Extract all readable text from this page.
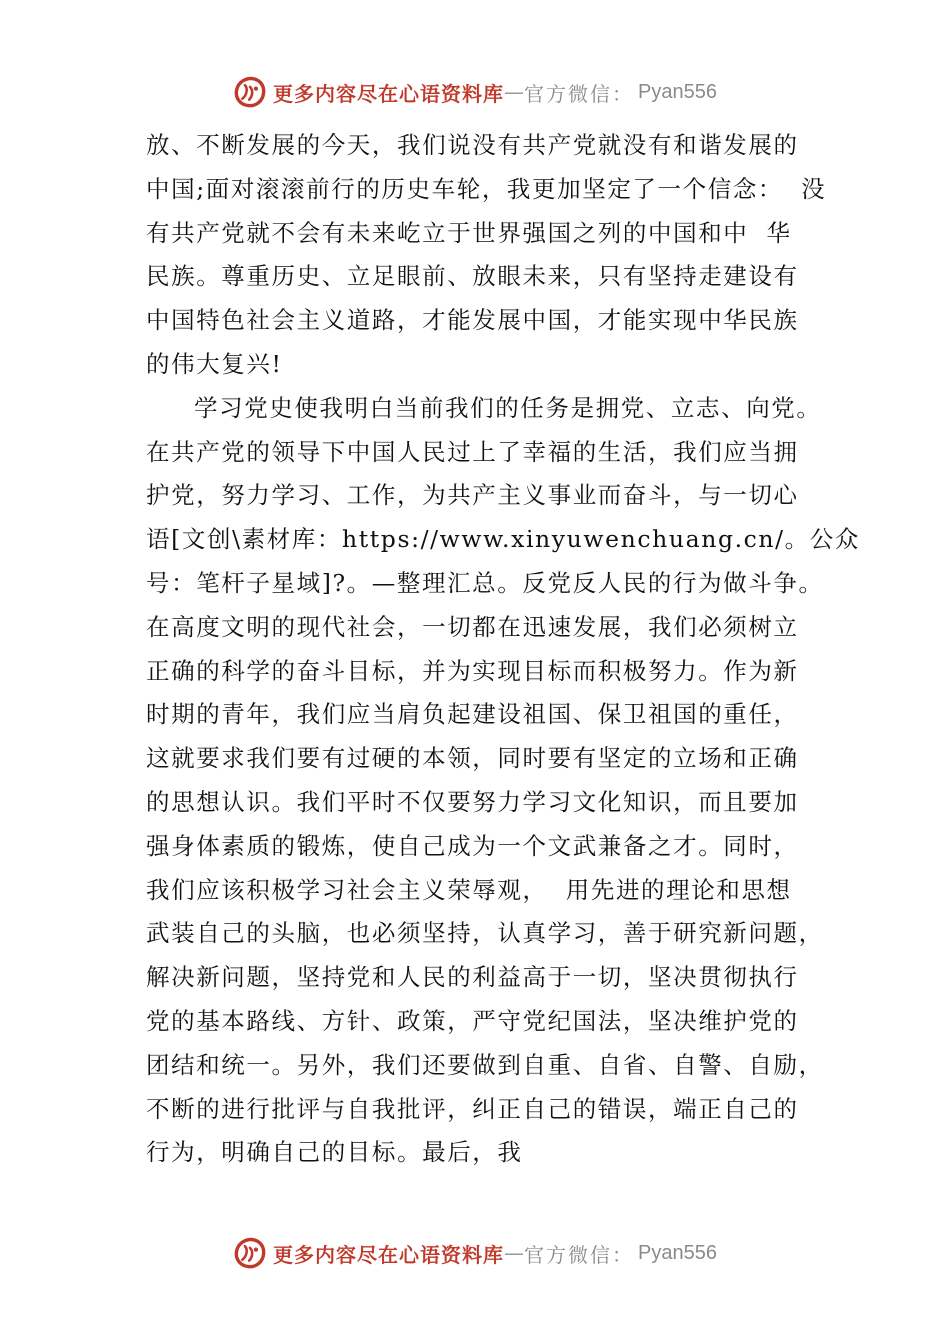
更多内容尽在心语资料库 — 官方微信： Pyan556
放、不断发展的今天，我们说没有共产党就没有和谐发展的
中国;面对滚滚前行的历史车轮，我更加坚定了一个信念：  没
有共产党就不会有未来屹立于世界强国之列的中国和中  华
民族。尊重历史、立足眼前、放眼未来，只有坚持走建设有
中国特色社会主义道路，才能发展中国，才能实现中华民族
的伟大复兴!
学习党史使我明白当前我们的任务是拥党、立志、向党。
在共产党的领导下中国人民过上了幸福的生活，我们应当拥
护党，努力学习、工作，为共产主义事业而奋斗，与一切心
语[文创\素材库：https://www.xinyuwenchuang.cn/。公众
号：笔杆子星域]?。—整理汇总。反党反人民的行为做斗争。
在高度文明的现代社会，一切都在迅速发展，我们必须树立
正确的科学的奋斗目标，并为实现目标而积极努力。作为新
时期的青年，我们应当肩负起建设祖国、保卫祖国的重任，
这就要求我们要有过硬的本领，同时要有坚定的立场和正确
的思想认识。我们平时不仅要努力学习文化知识，而且要加
强身体素质的锻炼，使自己成为一个文武兼备之才。同时，
我们应该积极学习社会主义荣辱观，  用先进的理论和思想
武装自己的头脑，也必须坚持，认真学习，善于研究新问题，
解决新问题，坚持党和人民的利益高于一切，坚决贯彻执行
党的基本路线、方针、政策，严守党纪国法，坚决维护党的
团结和统一。另外，我们还要做到自重、自省、自警、自励，
不断的进行批评与自我批评，纠正自己的错误，端正自己的
行为，明确自己的目标。最后，我
更多内容尽在心语资料库 — 官方微信： Pyan556
